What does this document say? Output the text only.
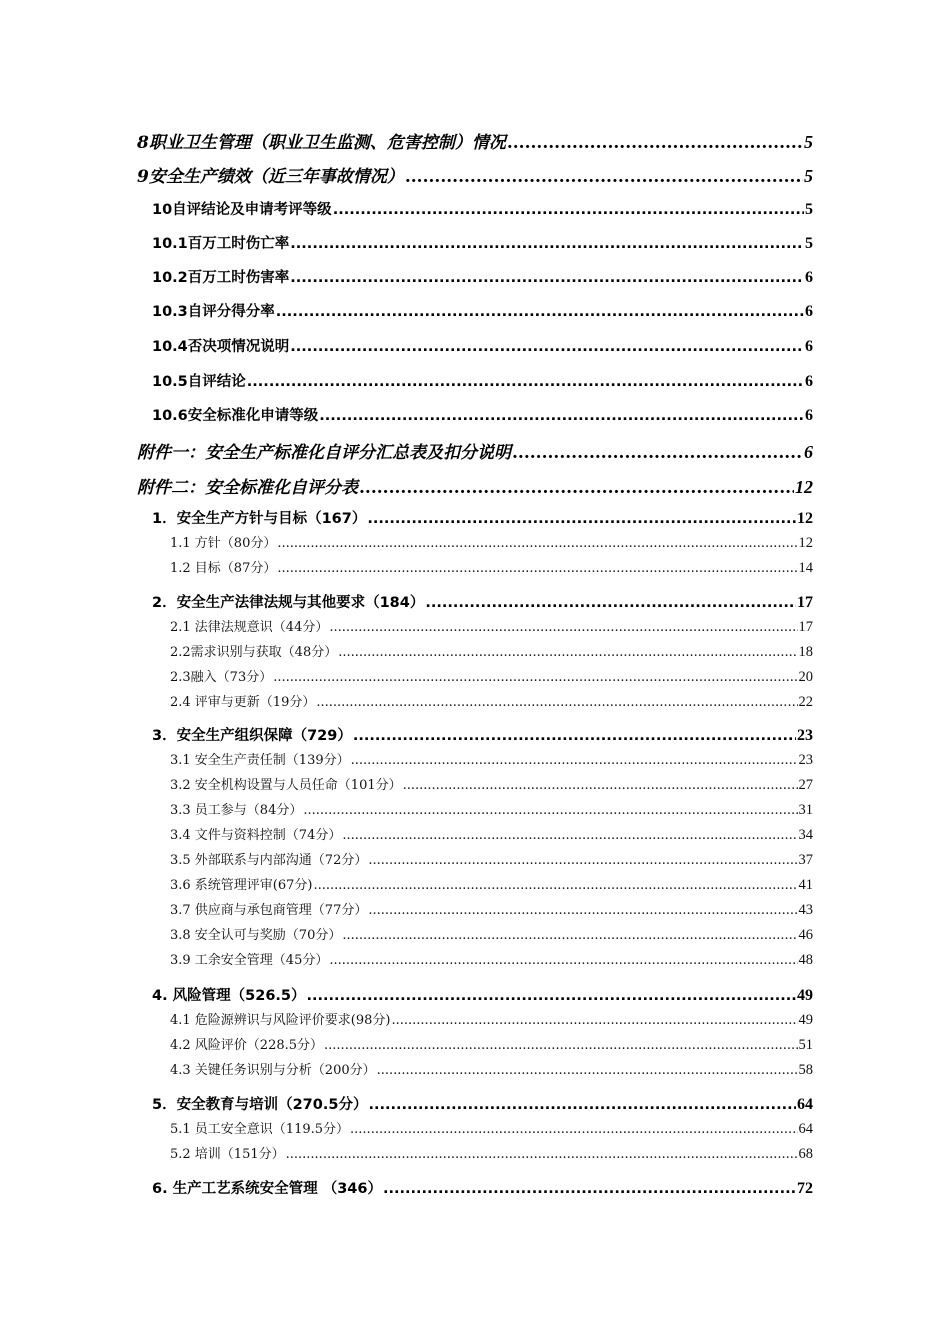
8职业卫生管理（职业卫生监测、危害控制）情况 .....	5
9安全生产绩效（近三年事故情况） .....	5
10自评结论及申请考评等级 .....	5
10.1百万工时伤亡率 .....	5
10.2百万工时伤害率 .....	6
10.3自评分得分率 .....	6
10.4否决项情况说明 .....	6
10.5自评结论 .....	6
10.6安全标准化申请等级 .....	6
附件一：安全生产标准化自评分汇总表及扣分说明 .....	6
附件二：安全标准化自评分表 .....	12
1．安全生产方针与目标（167） .....	12
1.1 方针（80分） .....	12
1.2 目标（87分） .....	14
2．安全生产法律法规与其他要求（184） .....	17
2.1 法律法规意识（44分） .....	17
2.2需求识别与获取（48分） .....	18
2.3融入（73分） .....	20
2.4 评审与更新（19分） .....	22
3．安全生产组织保障（729） .....	23
3.1 安全生产责任制（139分） .....	23
3.2 安全机构设置与人员任命（101分） .....	27
3.3 员工参与（84分） .....	31
3.4 文件与资料控制（74分） .....	34
3.5 外部联系与内部沟通（72分） .....	37
3.6 系统管理评审(67分) .....	41
3.7 供应商与承包商管理（77分） .....	43
3.8 安全认可与奖励（70分） .....	46
3.9 工余安全管理（45分） .....	48
4. 风险管理（526.5） .....	49
4.1 危险源辨识与风险评价要求(98分) .....	49
4.2 风险评价（228.5分） .....	51
4.3 关键任务识别与分析（200分） .....	58
5．安全教育与培训（270.5分） .....	64
5.1 员工安全意识（119.5分） .....	64
5.2 培训（151分） .....	68
6. 生产工艺系统安全管理 （346） .....	72
